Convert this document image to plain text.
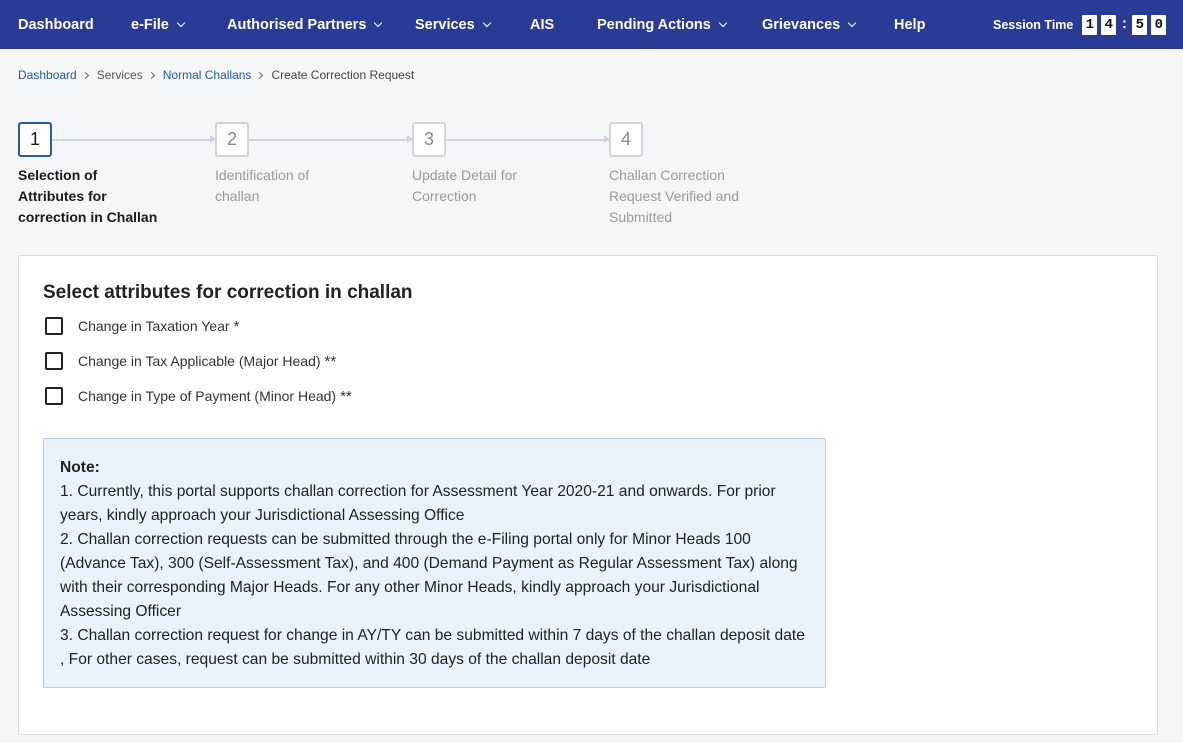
Dashboard	e-File	Authorised Partners	Services	AIS	Pending Actions	Grievances	Help	Session Time 1 4 : 5 0
Dashboard Services Normal Challans Create Correction Request
1	2	3	4
Selection of
Attributes for
correction in Challan
Identification of
challan
Update Detail for
Correction
Challan Correction
Request Verified and
Submitted
Select attributes for correction in challan
Change in Taxation Year *
Change in Tax Applicable (Major Head) **
Change in Type of Payment (Minor Head) **
Note:
1. Currently, this portal supports challan correction for Assessment Year 2020-21 and onwards. For prior years, kindly approach your Jurisdictional Assessing Office
2. Challan correction requests can be submitted through the e-Filing portal only for Minor Heads 100 (Advance Tax), 300 (Self-Assessment Tax), and 400 (Demand Payment as Regular Assessment Tax) along with their corresponding Major Heads. For any other Minor Heads, kindly approach your Jurisdictional Assessing Officer
3. Challan correction request for change in AY/TY can be submitted within 7 days of the challan deposit date , For other cases, request can be submitted within 30 days of the challan deposit date
